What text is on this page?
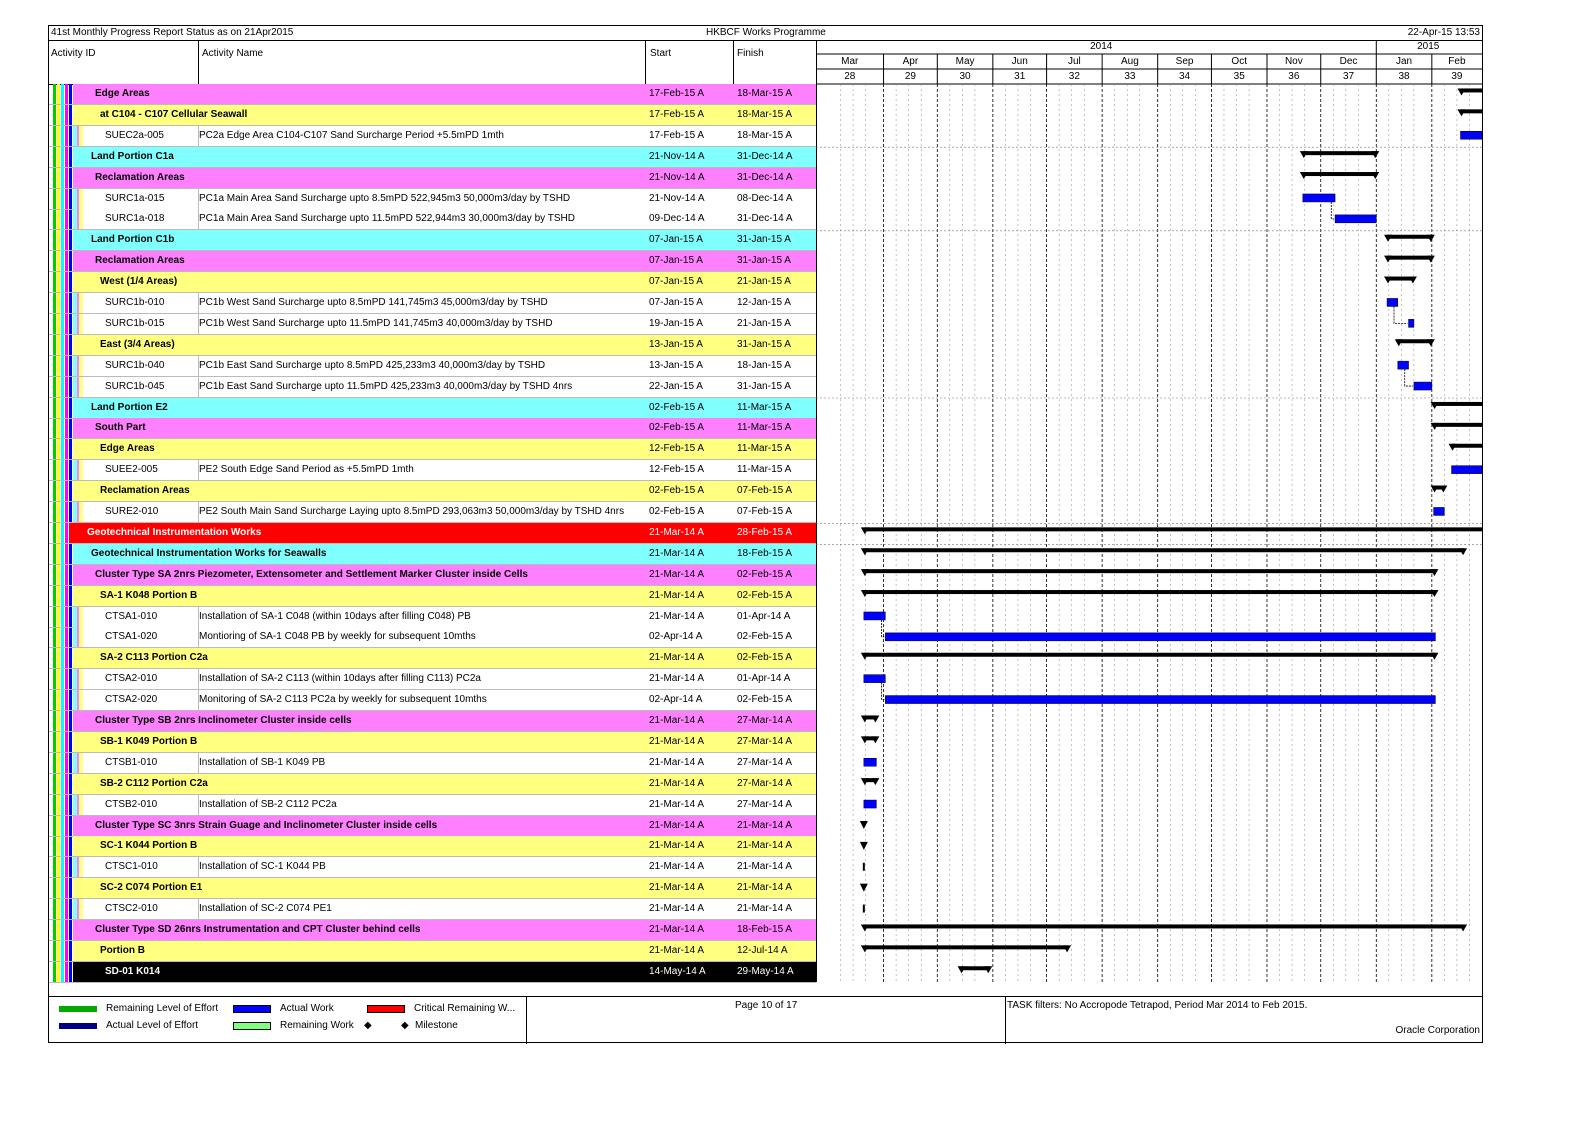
41st Monthly Progress Report Status as on 21Apr2015	HKBCF Works Programme	22-Apr-15 13:53
Activity ID	Activity Name	Start	Finish
Edge Areas	17-Feb-15 A	18-Mar-15 A
at C104 - C107 Cellular Seawall	17-Feb-15 A	18-Mar-15 A
SUEC2a-005	PC2a Edge Area C104-C107 Sand Surcharge Period +5.5mPD 1mth	17-Feb-15 A	18-Mar-15 A
Land Portion C1a	21-Nov-14 A	31-Dec-14 A
Reclamation Areas	21-Nov-14 A	31-Dec-14 A
SURC1a-015	PC1a Main Area Sand Surcharge upto 8.5mPD 522,945m3 50,000m3/day by TSHD	21-Nov-14 A	08-Dec-14 A
SURC1a-018	PC1a Main Area Sand Surcharge upto 11.5mPD 522,944m3 30,000m3/day by TSHD	09-Dec-14 A	31-Dec-14 A
Land Portion C1b	07-Jan-15 A	31-Jan-15 A
Reclamation Areas	07-Jan-15 A	31-Jan-15 A
West (1/4 Areas)	07-Jan-15 A	21-Jan-15 A
SURC1b-010	PC1b West Sand Surcharge upto 8.5mPD 141,745m3 45,000m3/day by TSHD	07-Jan-15 A	12-Jan-15 A
SURC1b-015	PC1b West Sand Surcharge upto 11.5mPD 141,745m3 40,000m3/day by TSHD	19-Jan-15 A	21-Jan-15 A
East (3/4 Areas)	13-Jan-15 A	31-Jan-15 A
SURC1b-040	PC1b East Sand Surcharge upto 8.5mPD 425,233m3 40,000m3/day by TSHD	13-Jan-15 A	18-Jan-15 A
SURC1b-045	PC1b East Sand Surcharge upto 11.5mPD 425,233m3 40,000m3/day by TSHD 4nrs	22-Jan-15 A	31-Jan-15 A
Land Portion E2	02-Feb-15 A	11-Mar-15 A
South Part	02-Feb-15 A	11-Mar-15 A
Edge Areas	12-Feb-15 A	11-Mar-15 A
SUEE2-005	PE2 South Edge Sand Period as +5.5mPD 1mth	12-Feb-15 A	11-Mar-15 A
Reclamation Areas	02-Feb-15 A	07-Feb-15 A
SURE2-010	PE2 South Main Sand Surcharge Laying upto 8.5mPD 293,063m3 50,000m3/day by TSHD 4nrs	02-Feb-15 A	07-Feb-15 A
Geotechnical Instrumentation Works	21-Mar-14 A	28-Feb-15 A
Geotechnical Instrumentation Works for Seawalls	21-Mar-14 A	18-Feb-15 A
Cluster Type SA 2nrs Piezometer, Extensometer and Settlement Marker Cluster inside Cells	21-Mar-14 A	02-Feb-15 A
SA-1 K048 Portion B	21-Mar-14 A	02-Feb-15 A
CTSA1-010	Installation of SA-1 C048 (within 10days after filling C048) PB	21-Mar-14 A	01-Apr-14 A
CTSA1-020	Montioring of SA-1 C048 PB by weekly for subsequent 10mths	02-Apr-14 A	02-Feb-15 A
SA-2 C113 Portion C2a	21-Mar-14 A	02-Feb-15 A
CTSA2-010	Installation of SA-2 C113 (within 10days after filling C113) PC2a	21-Mar-14 A	01-Apr-14 A
CTSA2-020	Monitoring of SA-2 C113 PC2a by weekly for subsequent 10mths	02-Apr-14 A	02-Feb-15 A
Cluster Type SB 2nrs Inclinometer Cluster inside cells	21-Mar-14 A	27-Mar-14 A
SB-1 K049 Portion B	21-Mar-14 A	27-Mar-14 A
CTSB1-010	Installation of SB-1 K049 PB	21-Mar-14 A	27-Mar-14 A
SB-2 C112 Portion C2a	21-Mar-14 A	27-Mar-14 A
CTSB2-010	Installation of SB-2 C112 PC2a	21-Mar-14 A	27-Mar-14 A
Cluster Type SC 3nrs Strain Guage and Inclinometer Cluster inside cells	21-Mar-14 A	21-Mar-14 A
SC-1 K044 Portion B	21-Mar-14 A	21-Mar-14 A
CTSC1-010	Installation of SC-1 K044 PB	21-Mar-14 A	21-Mar-14 A
SC-2 C074 Portion E1	21-Mar-14 A	21-Mar-14 A
CTSC2-010	Installation of SC-2 C074 PE1	21-Mar-14 A	21-Mar-14 A
Cluster Type SD 26nrs Instrumentation and CPT Cluster behind cells	21-Mar-14 A	18-Feb-15 A
Portion B	21-Mar-14 A	12-Jul-14 A
SD-01 K014	14-May-14 A	29-May-14 A
2014	2015
Mar
28
Apr
29
May
30
Jun
31
Jul
32
Aug
33
Sep
34
Oct
35
Nov
36
Dec
37
Jan
38
Feb
39
Remaining Level of Effort
Actual Level of Effort
Actual Work
Remaining Work ◆
Critical Remaining W...
◆ Milestone
Page 10 of 17	TASK filters: No Accropode Tetrapod, Period Mar 2014 to Feb 2015.
Oracle Corporation
